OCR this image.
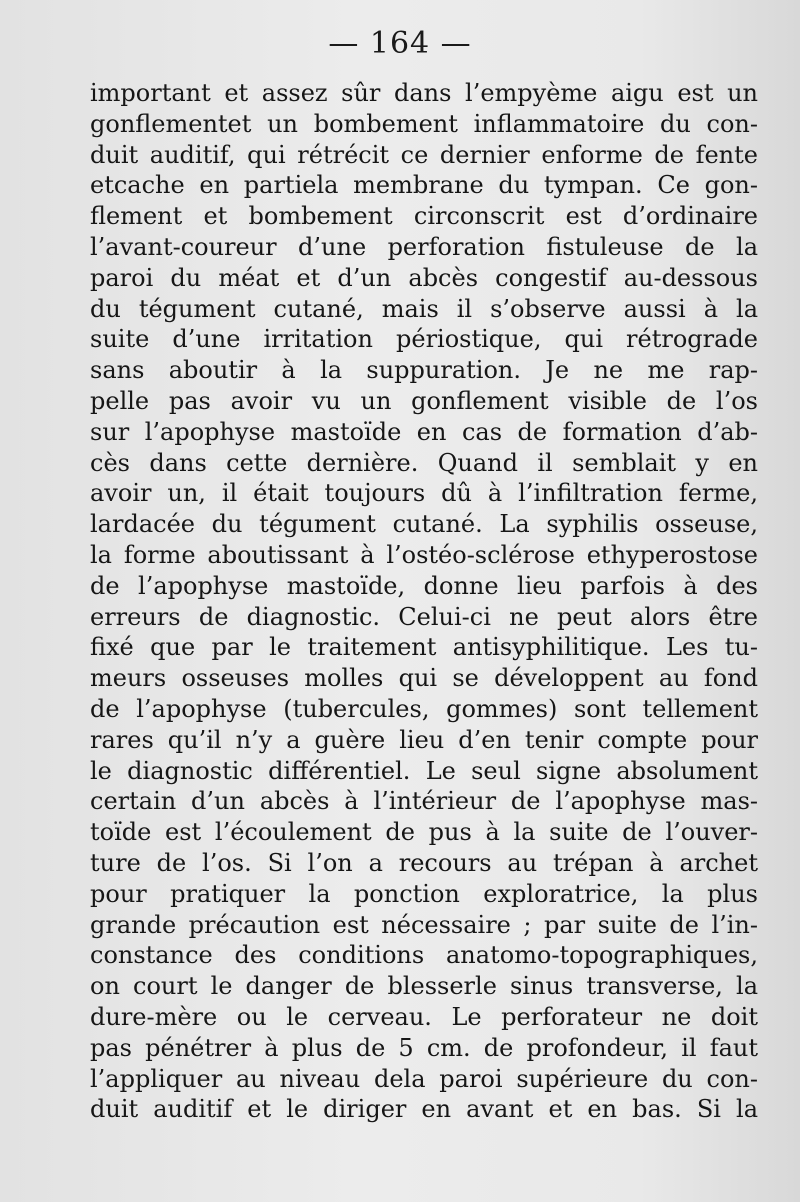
— 164 —
important et assez sûr dans l’empyème aigu est un
gonflementet un bombement inflammatoire du con-
duit auditif, qui rétrécit ce dernier enforme de fente
etcache en partiela membrane du tympan. Ce gon-
flement et bombement circonscrit est d’ordinaire
l’avant-coureur d’une perforation fistuleuse de la
paroi du méat et d’un abcès congestif au-dessous
du tégument cutané, mais il s’observe aussi à la
suite d’une irritation périostique, qui rétrograde
sans aboutir à la suppuration. Je ne me rap-
pelle pas avoir vu un gonflement visible de l’os
sur l’apophyse mastoïde en cas de formation d’ab-
cès dans cette dernière. Quand il semblait y en
avoir un, il était toujours dû à l’infiltration ferme,
lardacée du tégument cutané. La syphilis osseuse,
la forme aboutissant à l’ostéo-sclérose ethyperostose
de l’apophyse mastoïde, donne lieu parfois à des
erreurs de diagnostic. Celui-ci ne peut alors être
fixé que par le traitement antisyphilitique. Les tu-
meurs osseuses molles qui se développent au fond
de l’apophyse (tubercules, gommes) sont tellement
rares qu’il n’y a guère lieu d’en tenir compte pour
le diagnostic différentiel. Le seul signe absolument
certain d’un abcès à l’intérieur de l’apophyse mas-
toïde est l’écoulement de pus à la suite de l’ouver-
ture de l’os. Si l’on a recours au trépan à archet
pour pratiquer la ponction exploratrice, la plus
grande précaution est nécessaire ; par suite de l’in-
constance des conditions anatomo-topographiques,
on court le danger de blesserle sinus transverse, la
dure-mère ou le cerveau. Le perforateur ne doit
pas pénétrer à plus de 5 cm. de profondeur, il faut
l’appliquer au niveau dela paroi supérieure du con-
duit auditif et le diriger en avant et en bas. Si la
